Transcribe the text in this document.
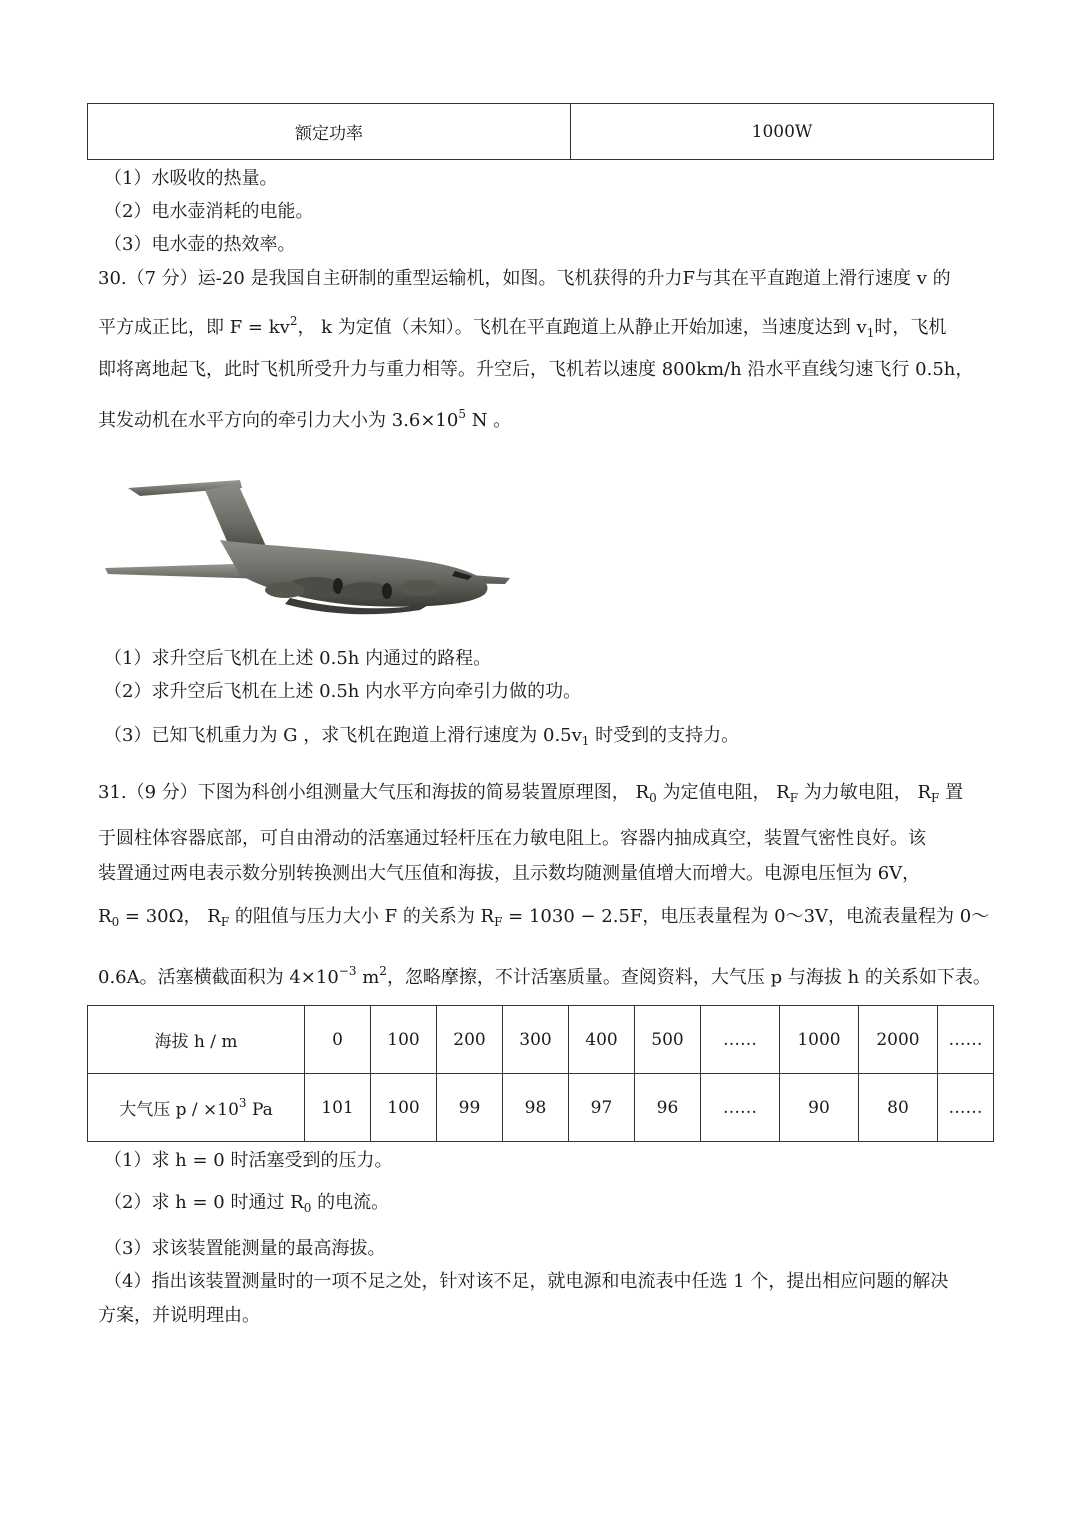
额定功率	1000W
（1）水吸收的热量。
（2）电水壶消耗的电能。
（3）电水壶的热效率。
30.（7 分）运-20 是我国自主研制的重型运输机，如图。飞机获得的升力F与其在平直跑道上滑行速度 v 的
平方成正比，即 $F = kv^2$， k 为定值（未知）。飞机在平直跑道上从静止开始加速，当速度达到 $v_1$时，飞机
即将离地起飞，此时飞机所受升力与重力相等。升空后，飞机若以速度 800km/h 沿水平直线匀速飞行 0.5h，
其发动机在水平方向的牵引力大小为 $3.6\times 10^5$ N 。
（1）求升空后飞机在上述 0.5h 内通过的路程。
（2）求升空后飞机在上述 0.5h 内水平方向牵引力做的功。
（3）已知飞机重力为 G ，求飞机在跑道上滑行速度为 $0.5v_1$ 时受到的支持力。
31.（9 分）下图为科创小组测量大气压和海拔的简易装置原理图， $R_0$ 为定值电阻， $R_F$ 为力敏电阻， $R_F$ 置
于圆柱体容器底部，可自由滑动的活塞通过轻杆压在力敏电阻上。容器内抽成真空，装置气密性良好。该
装置通过两电表示数分别转换测出大气压值和海拔，且示数均随测量值增大而增大。电源电压恒为 6V，
$R_0 = 30\Omega$， $R_F$ 的阻值与压力大小 F 的关系为 $R_F = 1030 - 2.5F$，电压表量程为 0～3V，电流表量程为 0～
0.6A。活塞横截面积为 $4\times 10^{-3}$ $m^2$，忽略摩擦，不计活塞质量。查阅资料，大气压 p 与海拔 h 的关系如下表。
海拔 h / m	0	100	200	300	400	500	……	1000	2000	……
大气压 $p / \times 10^3$ Pa	101	100	99	98	97	96	……	90	80	……
（1）求 h = 0 时活塞受到的压力。
（2）求 h = 0 时通过 $R_0$ 的电流。
（3）求该装置能测量的最高海拔。
（4）指出该装置测量时的一项不足之处，针对该不足，就电源和电流表中任选 1 个，提出相应问题的解决
方案，并说明理由。
